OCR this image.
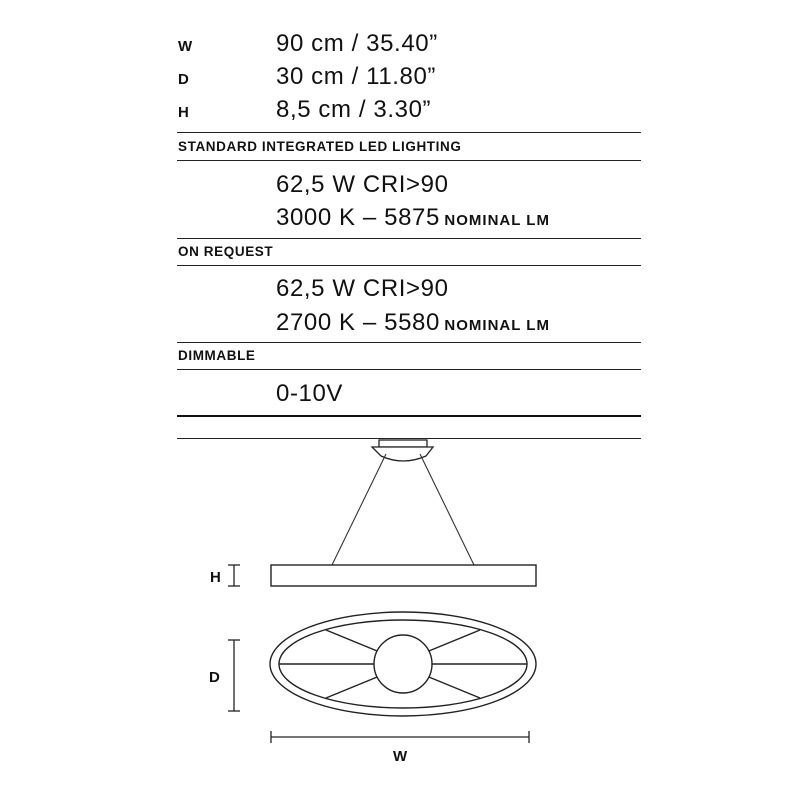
W	90 cm / 35.40”
D	30 cm / 11.80”
H	8,5 cm / 3.30”
STANDARD INTEGRATED LED LIGHTING
62,5 W CRI>90
3000 K – 5875 NOMINAL LM
ON REQUEST
62,5 W CRI>90
2700 K – 5580 NOMINAL LM
DIMMABLE
0-10V
H
D
W
